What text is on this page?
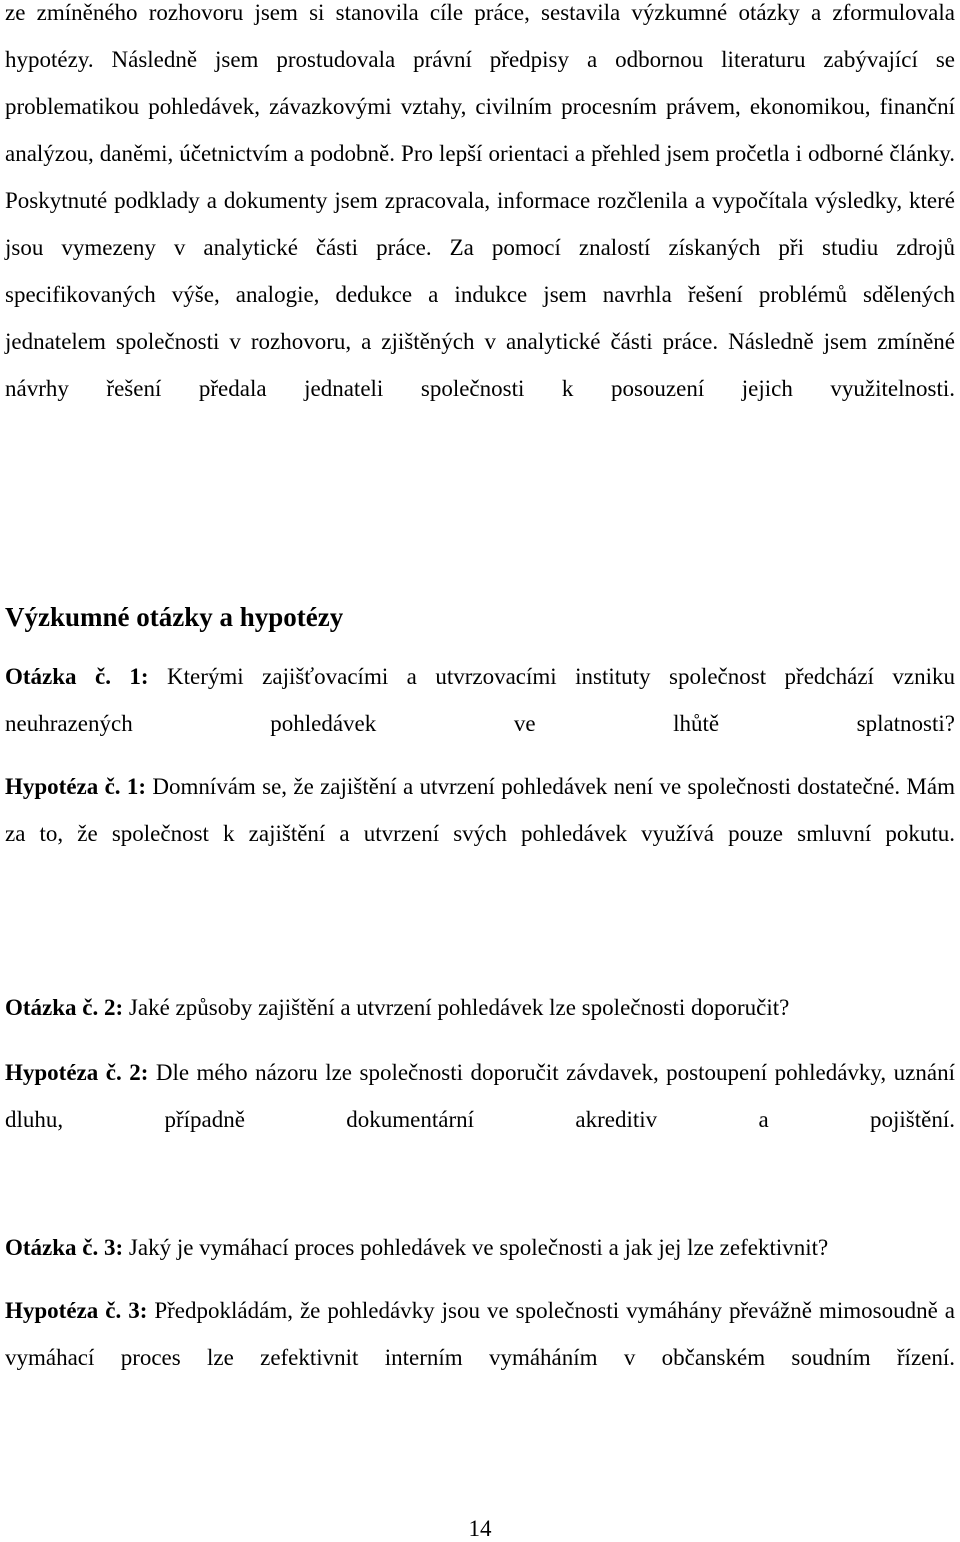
ze zmíněného rozhovoru jsem si stanovila cíle práce, sestavila výzkumné otázky a zformulovala hypotézy. Následně jsem prostudovala právní předpisy a odbornou literaturu zabývající se problematikou pohledávek, závazkovými vztahy, civilním procesním právem, ekonomikou, finanční analýzou, daněmi, účetnictvím a podobně. Pro lepší orientaci a přehled jsem pročetla i odborné články. Poskytnuté podklady a dokumenty jsem zpracovala, informace rozčlenila a vypočítala výsledky, které jsou vymezeny v analytické části práce. Za pomocí znalostí získaných při studiu zdrojů specifikovaných výše, analogie, dedukce a indukce jsem navrhla řešení problémů sdělených jednatelem společnosti v rozhovoru, a zjištěných v analytické části práce. Následně jsem zmíněné návrhy řešení předala jednateli společnosti k posouzení jejich využitelnosti.

Výzkumné otázky a hypotézy

Otázka č. 1: Kterými zajišťovacími a utvrzovacími instituty společnost předchází vzniku neuhrazených pohledávek ve lhůtě splatnosti?

Hypotéza č. 1: Domnívám se, že zajištění a utvrzení pohledávek není ve společnosti dostatečné. Mám za to, že společnost k zajištění a utvrzení svých pohledávek využívá pouze smluvní pokutu.

Otázka č. 2: Jaké způsoby zajištění a utvrzení pohledávek lze společnosti doporučit?

Hypotéza č. 2: Dle mého názoru lze společnosti doporučit závdavek, postoupení pohledávky, uznání dluhu, případně dokumentární akreditiv a pojištění.

Otázka č. 3: Jaký je vymáhací proces pohledávek ve společnosti a jak jej lze zefektivnit?

Hypotéza č. 3: Předpokládám, že pohledávky jsou ve společnosti vymáhány převážně mimosoudně a vymáhací proces lze zefektivnit interním vymáháním v občanském soudním řízení.

14
